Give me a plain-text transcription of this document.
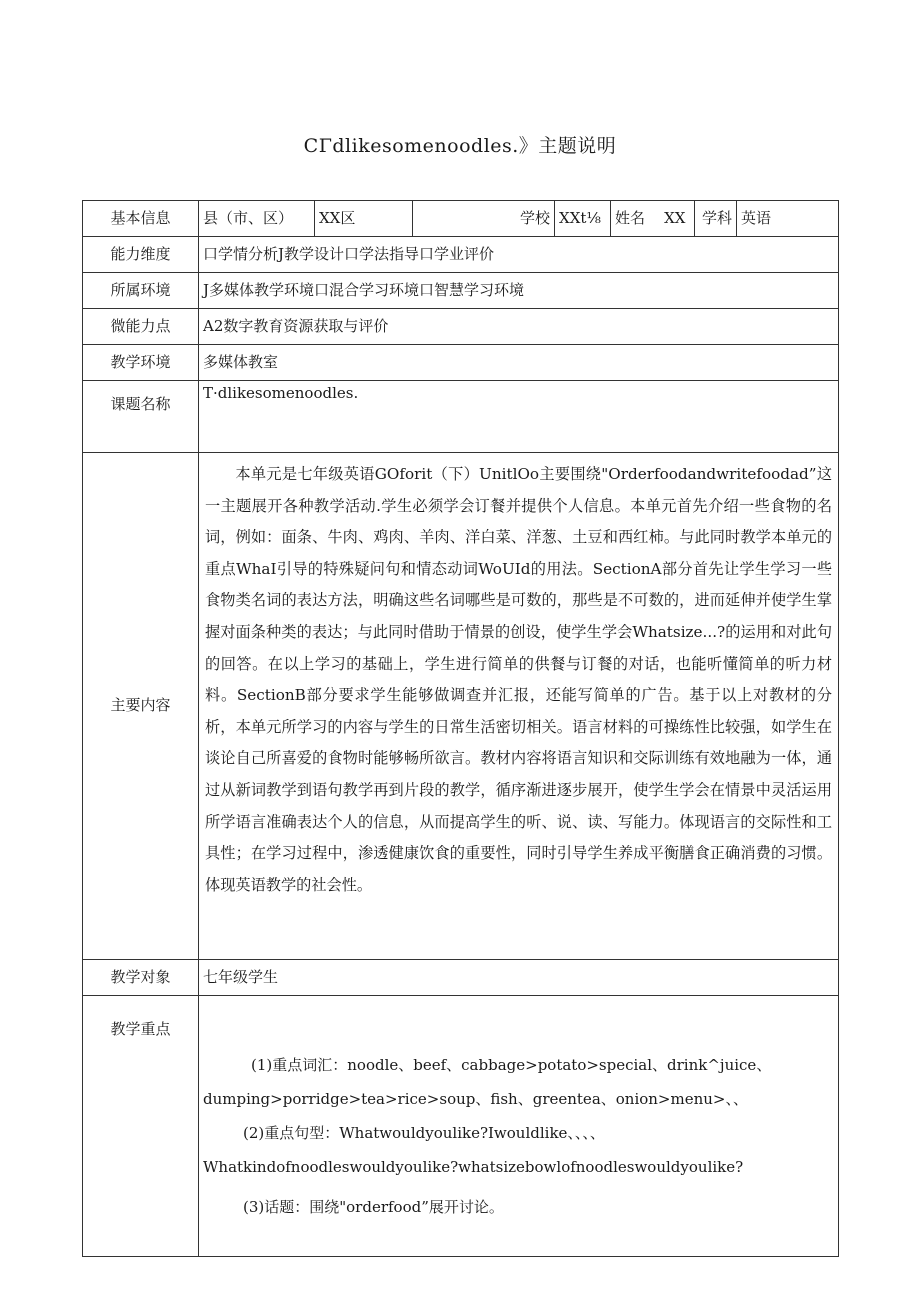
CΓdlikesomenoodles.》主题说明
基本信息	县（市、区）	XX区	学校	XXt⅛	姓名 XX	学科	英语
能力维度	口学情分析J教学设计口学法指导口学业评价						
所属环境	J多媒体教学环境口混合学习环境口智慧学习环境						
微能力点	A2数字教育资源获取与评价						
教学环境	多媒体教室						
课题名称	T·dlikesomenoodles.						
主要内容	本单元是七年级英语GOforit（下）UnitlOo主要围绕"Orderfoodandwritefoodad”这一主题展开各种教学活动.学生必须学会订餐并提供个人信息。本单元首先介绍一些食物的名词，例如：面条、牛肉、鸡肉、羊肉、洋白菜、洋葱、土豆和西红柿。与此同时教学本单元的重点WhaI引导的特殊疑问句和情态动词WoUId的用法。SectionA部分首先让学生学习一些食物类名词的表达方法，明确这些名词哪些是可数的，那些是不可数的，进而延伸并使学生掌握对面条种类的表达；与此同时借助于情景的创设，使学生学会Whatsize...?的运用和对此句的回答。在以上学习的基础上，学生进行简单的供餐与订餐的对话，也能听懂简单的听力材料。SectionB部分要求学生能够做调查并汇报，还能写简单的广告。基于以上对教材的分析，本单元所学习的内容与学生的日常生活密切相关。语言材料的可操练性比较强，如学生在谈论自己所喜爱的食物时能够畅所欲言。教材内容将语言知识和交际训练有效地融为一体，通过从新词教学到语句教学再到片段的教学，循序渐进逐步展开，使学生学会在情景中灵活运用所学语言准确表达个人的信息，从而提高学生的听、说、读、写能力。体现语言的交际性和工具性；在学习过程中，渗透健康饮食的重要性，同时引导学生养成平衡膳食正确消费的习惯。体现英语教学的社会性。						

教学对象	七年级学生						
教学重点	(1)重点词汇：noodle、beef、cabbage>potato>special、drink^juice、
dumping>porridge>tea>rice>soup、fish、greentea、onion>menu>、、
(2)重点句型：Whatwouldyoulike?Iwouldlike、、、、
Whatkindofnoodleswouldyoulike?whatsizebowlofnoodleswouldyoulike?
(3)话题：围绕"orderfood”展开讨论。						
